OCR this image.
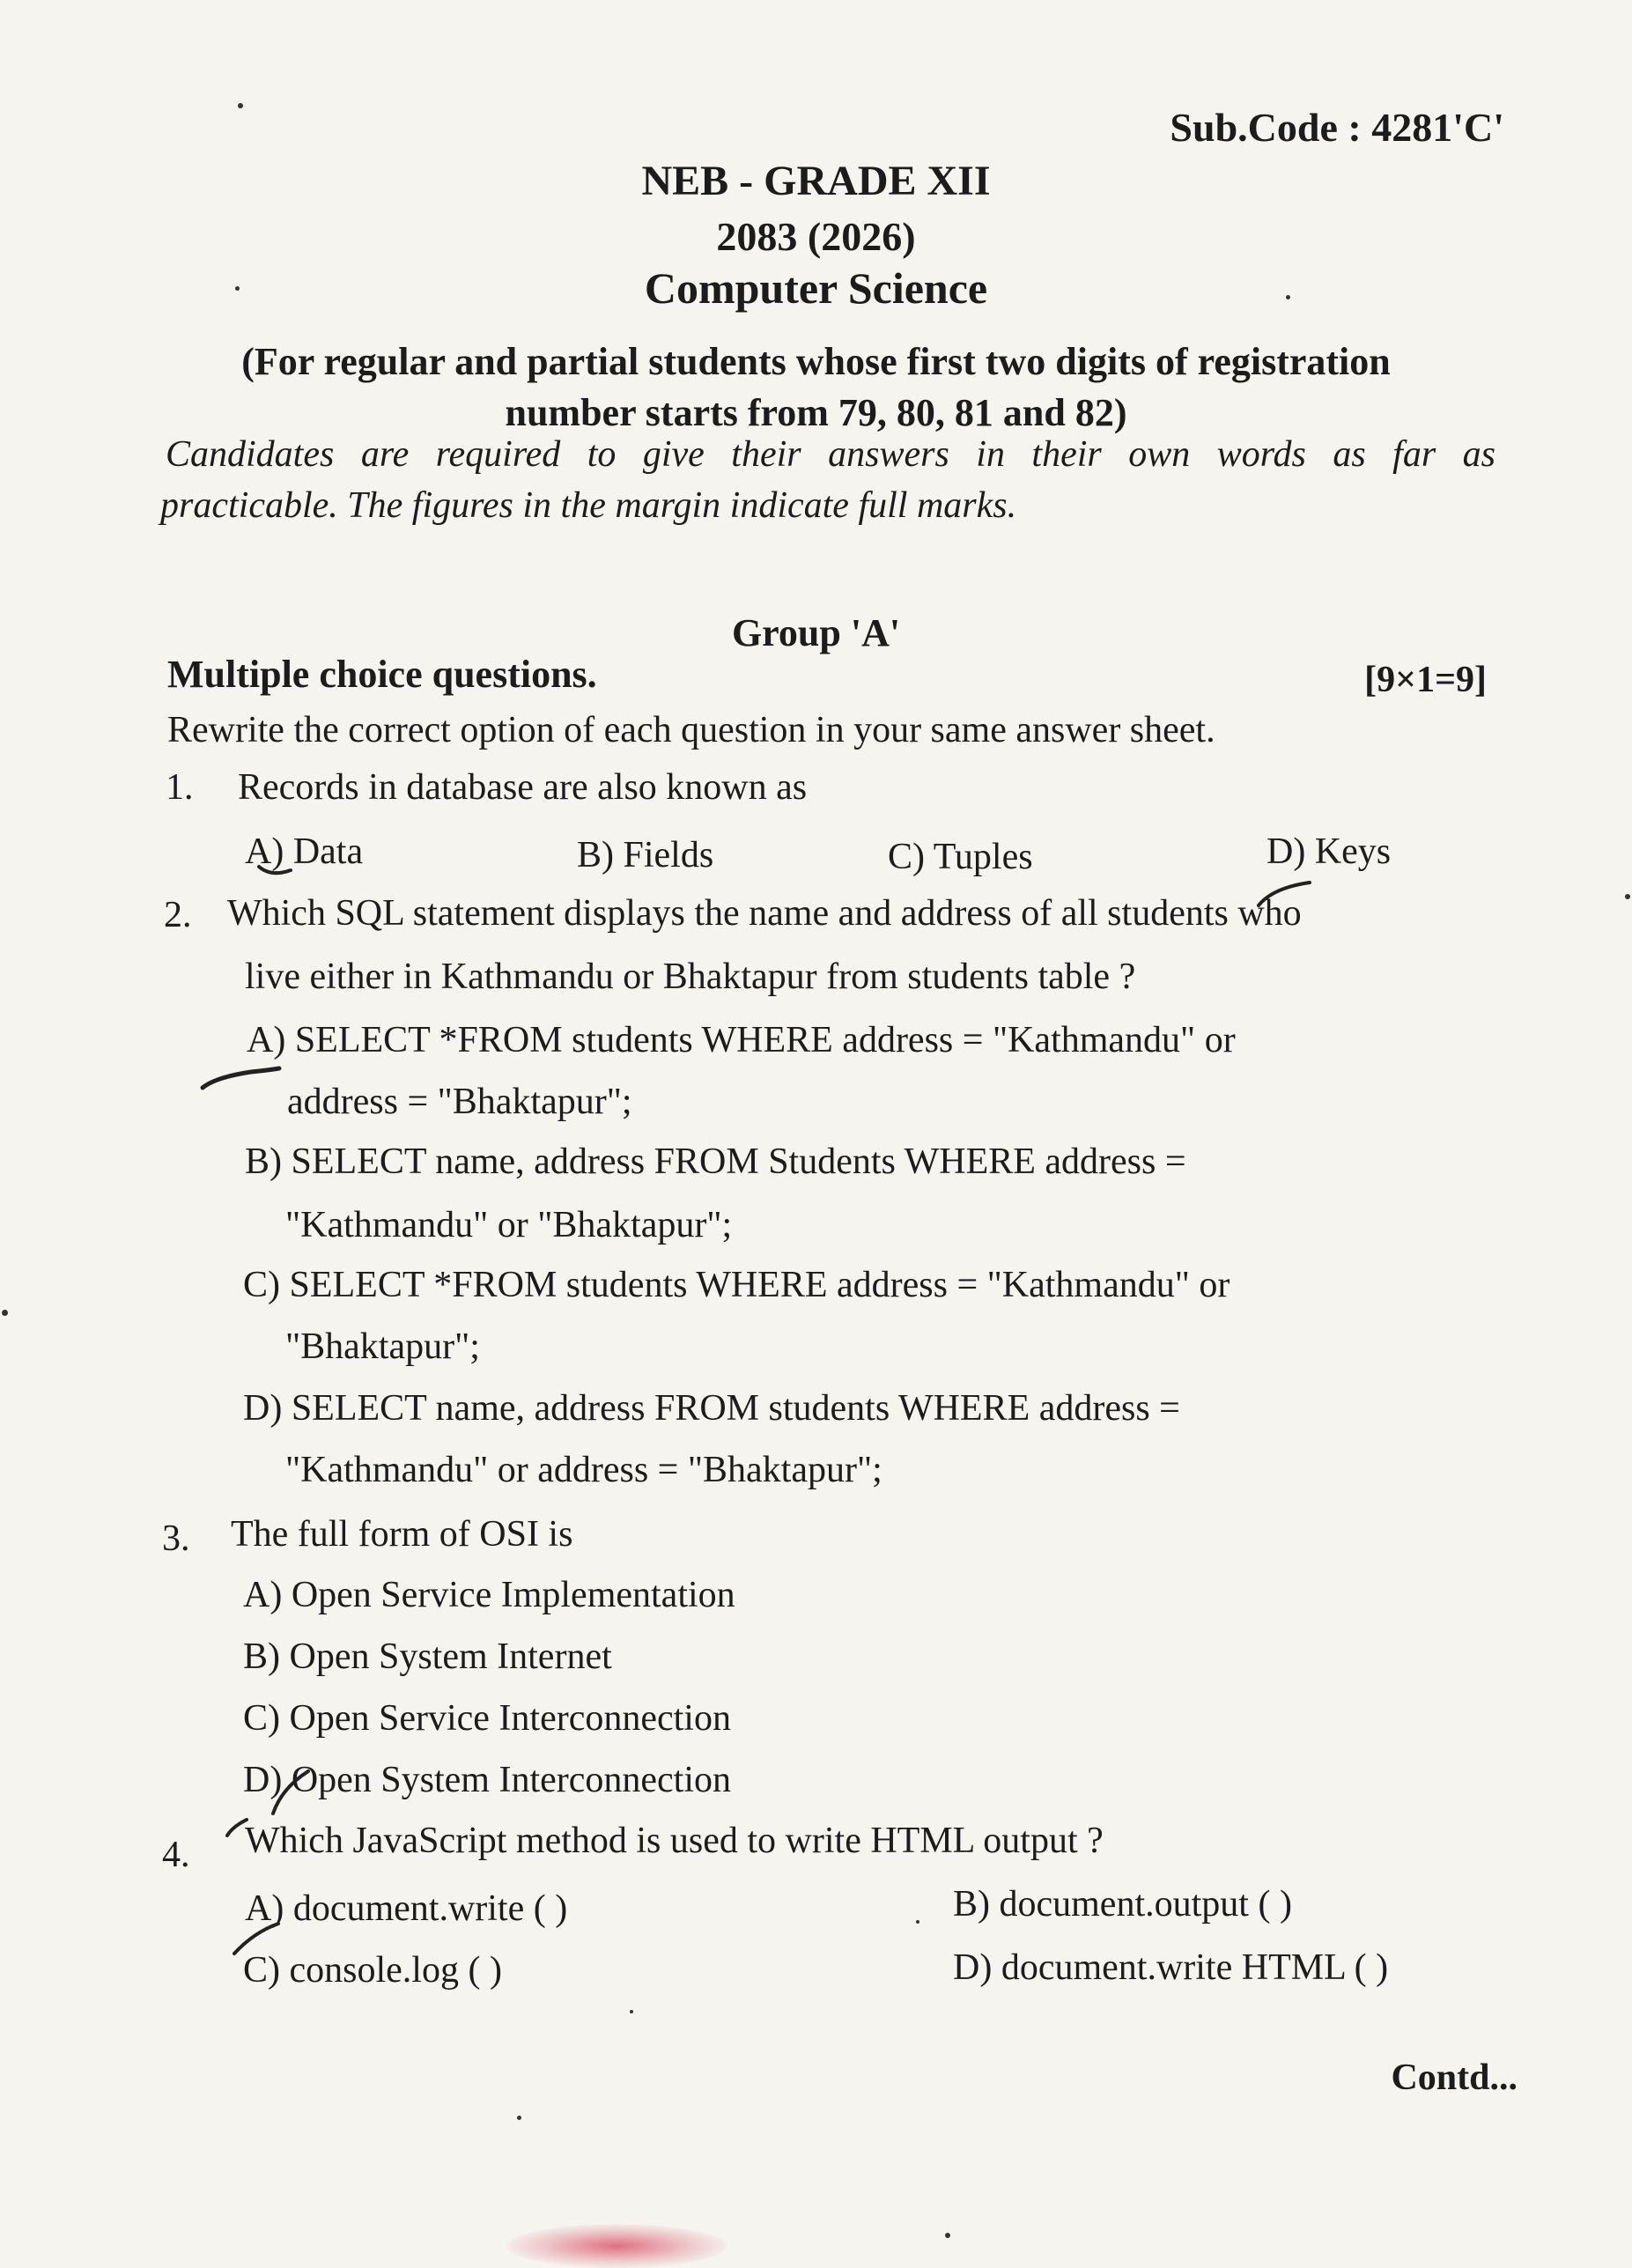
Sub.Code : 4281'C'
NEB - GRADE XII
2083 (2026)
Computer Science
(For regular and partial students whose first two digits of registration
number starts from 79, 80, 81 and 82)
Candidates are required to give their answers in their own words as far as
practicable. The figures in the margin indicate full marks.
Group 'A'
Multiple choice questions.	[9×1=9]
Rewrite the correct option of each question in your same answer sheet.
1. Records in database are also known as
A) Data	B) Fields	C) Tuples	D) Keys
2. Which SQL statement displays the name and address of all students who
live either in Kathmandu or Bhaktapur from students table ?
A) SELECT *FROM students WHERE address = "Kathmandu" or
address = "Bhaktapur";
B) SELECT name, address FROM Students WHERE address =
"Kathmandu" or "Bhaktapur";
C) SELECT *FROM students WHERE address = "Kathmandu" or
"Bhaktapur";
D) SELECT name, address FROM students WHERE address =
"Kathmandu" or address = "Bhaktapur";
3. The full form of OSI is
A) Open Service Implementation
B) Open System Internet
C) Open Service Interconnection
D) Open System Interconnection
4. Which JavaScript method is used to write HTML output ?
A) document.write ( )	B) document.output ( )
C) console.log ( )	D) document.write HTML ( )
Contd...
